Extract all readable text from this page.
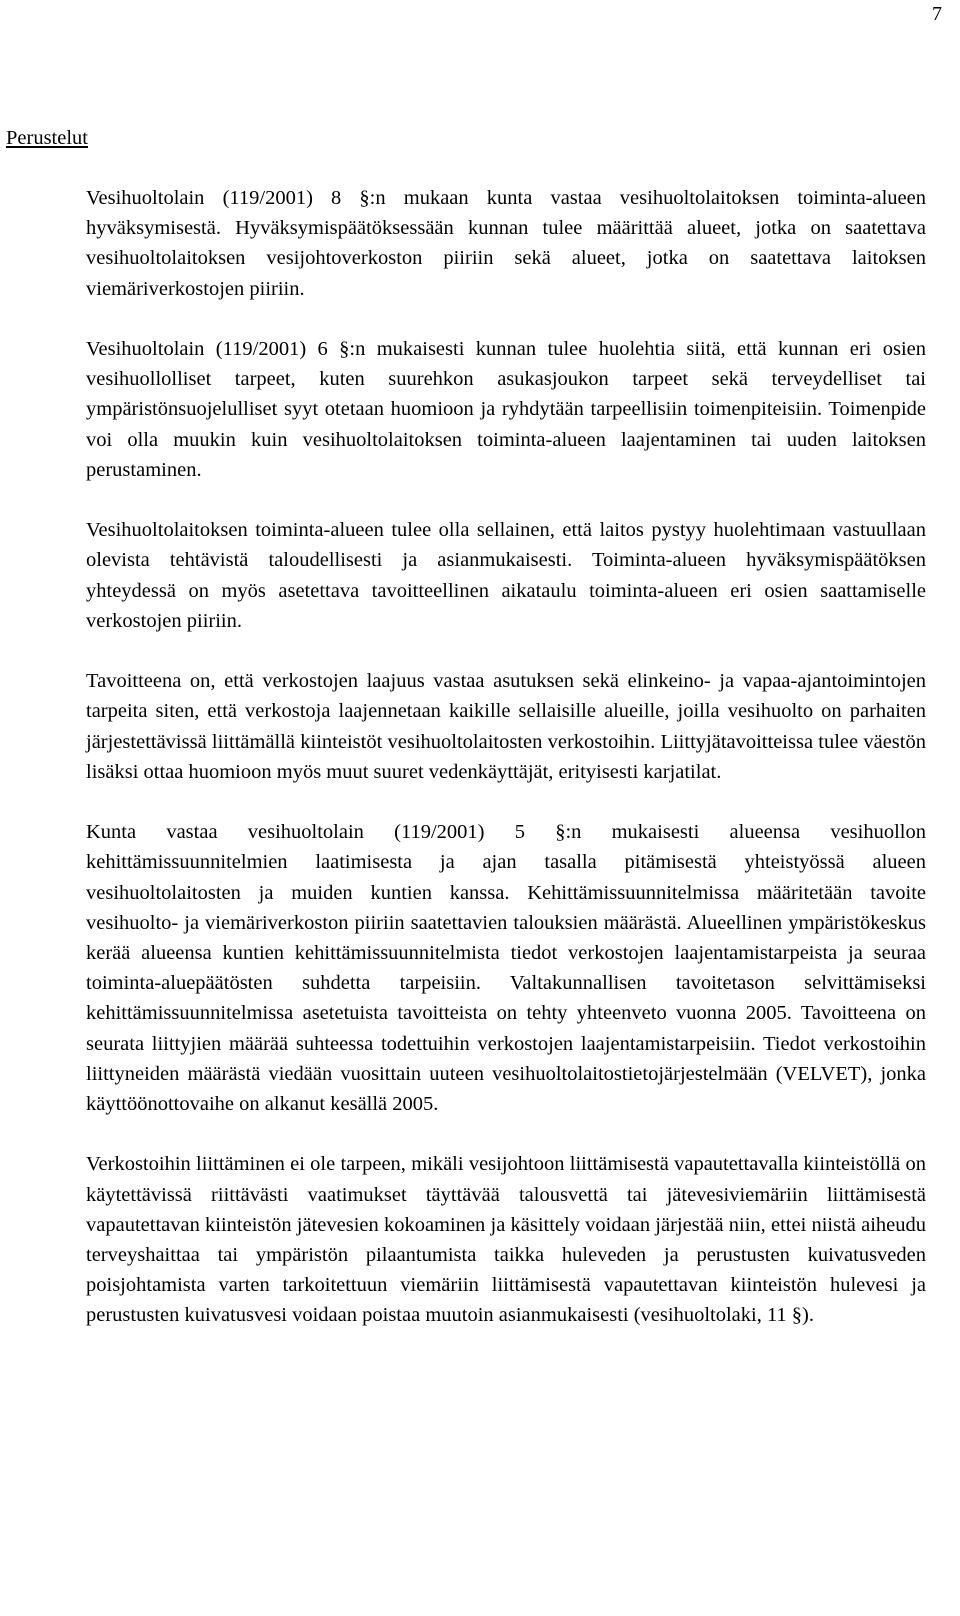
7
Perustelut

Vesihuoltolain (119/2001) 8 §:n mukaan kunta vastaa vesihuoltolaitoksen toiminta-alueen hyväksymisestä. Hyväksymispäätöksessään kunnan tulee määrittää alueet, jotka on saatettava vesihuoltolaitoksen vesijohtoverkoston piiriin sekä alueet, jotka on saatettava laitoksen viemäriverkostojen piiriin.

Vesihuoltolain (119/2001) 6 §:n mukaisesti kunnan tulee huolehtia siitä, että kunnan eri osien vesihuollolliset tarpeet, kuten suurehkon asukasjoukon tarpeet sekä terveydelliset tai ympäristönsuojelulliset syyt otetaan huomioon ja ryhdytään tarpeellisiin toimenpiteisiin. Toimenpide voi olla muukin kuin vesihuoltolaitoksen toiminta-alueen laajentaminen tai uuden laitoksen perustaminen.

Vesihuoltolaitoksen toiminta-alueen tulee olla sellainen, että laitos pystyy huolehtimaan vastuullaan olevista tehtävistä taloudellisesti ja asianmukaisesti. Toiminta-alueen hyväksymispäätöksen yhteydessä on myös asetettava tavoitteellinen aikataulu toiminta-alueen eri osien saattamiselle verkostojen piiriin.

Tavoitteena on, että verkostojen laajuus vastaa asutuksen sekä elinkeino- ja vapaa-ajantoimintojen tarpeita siten, että verkostoja laajennetaan kaikille sellaisille alueille, joilla vesihuolto on parhaiten järjestettävissä liittämällä kiinteistöt vesihuoltolaitosten verkostoihin. Liittyjätavoitteissa tulee väestön lisäksi ottaa huomioon myös muut suuret vedenkäyttäjät, erityisesti karjatilat.

Kunta vastaa vesihuoltolain (119/2001) 5 §:n mukaisesti alueensa vesihuollon kehittämissuunnitelmien laatimisesta ja ajan tasalla pitämisestä yhteistyössä alueen vesihuoltolaitosten ja muiden kuntien kanssa. Kehittämissuunnitelmissa määritetään tavoite vesihuolto- ja viemäriverkoston piiriin saatettavien talouksien määrästä. Alueellinen ympäristökeskus kerää alueensa kuntien kehittämissuunnitelmista tiedot verkostojen laajentamistarpeista ja seuraa toiminta-aluepäätösten suhdetta tarpeisiin. Valtakunnallisen tavoitetason selvittämiseksi kehittämissuunnitelmissa asetetuista tavoitteista on tehty yhteenveto vuonna 2005. Tavoitteena on seurata liittyjien määrää suhteessa todettuihin verkostojen laajentamistarpeisiin. Tiedot verkostoihin liittyneiden määrästä viedään vuosittain uuteen vesihuoltolaitostietojärjestelmään (VELVET), jonka käyttöönottovaihe on alkanut kesällä 2005.

Verkostoihin liittäminen ei ole tarpeen, mikäli vesijohtoon liittämisestä vapautettavalla kiinteistöllä on käytettävissä riittävästi vaatimukset täyttävää talousvettä tai jätevesiviemäriin liittämisestä vapautettavan kiinteistön jätevesien kokoaminen ja käsittely voidaan järjestää niin, ettei niistä aiheudu terveyshaittaa tai ympäristön pilaantumista taikka huleveden ja perustusten kuivatusveden poisjohtamista varten tarkoitettuun viemäriin liittämisestä vapautettavan kiinteistön hulevesi ja perustusten kuivatusvesi voidaan poistaa muutoin asianmukaisesti (vesihuoltolaki, 11 §).
